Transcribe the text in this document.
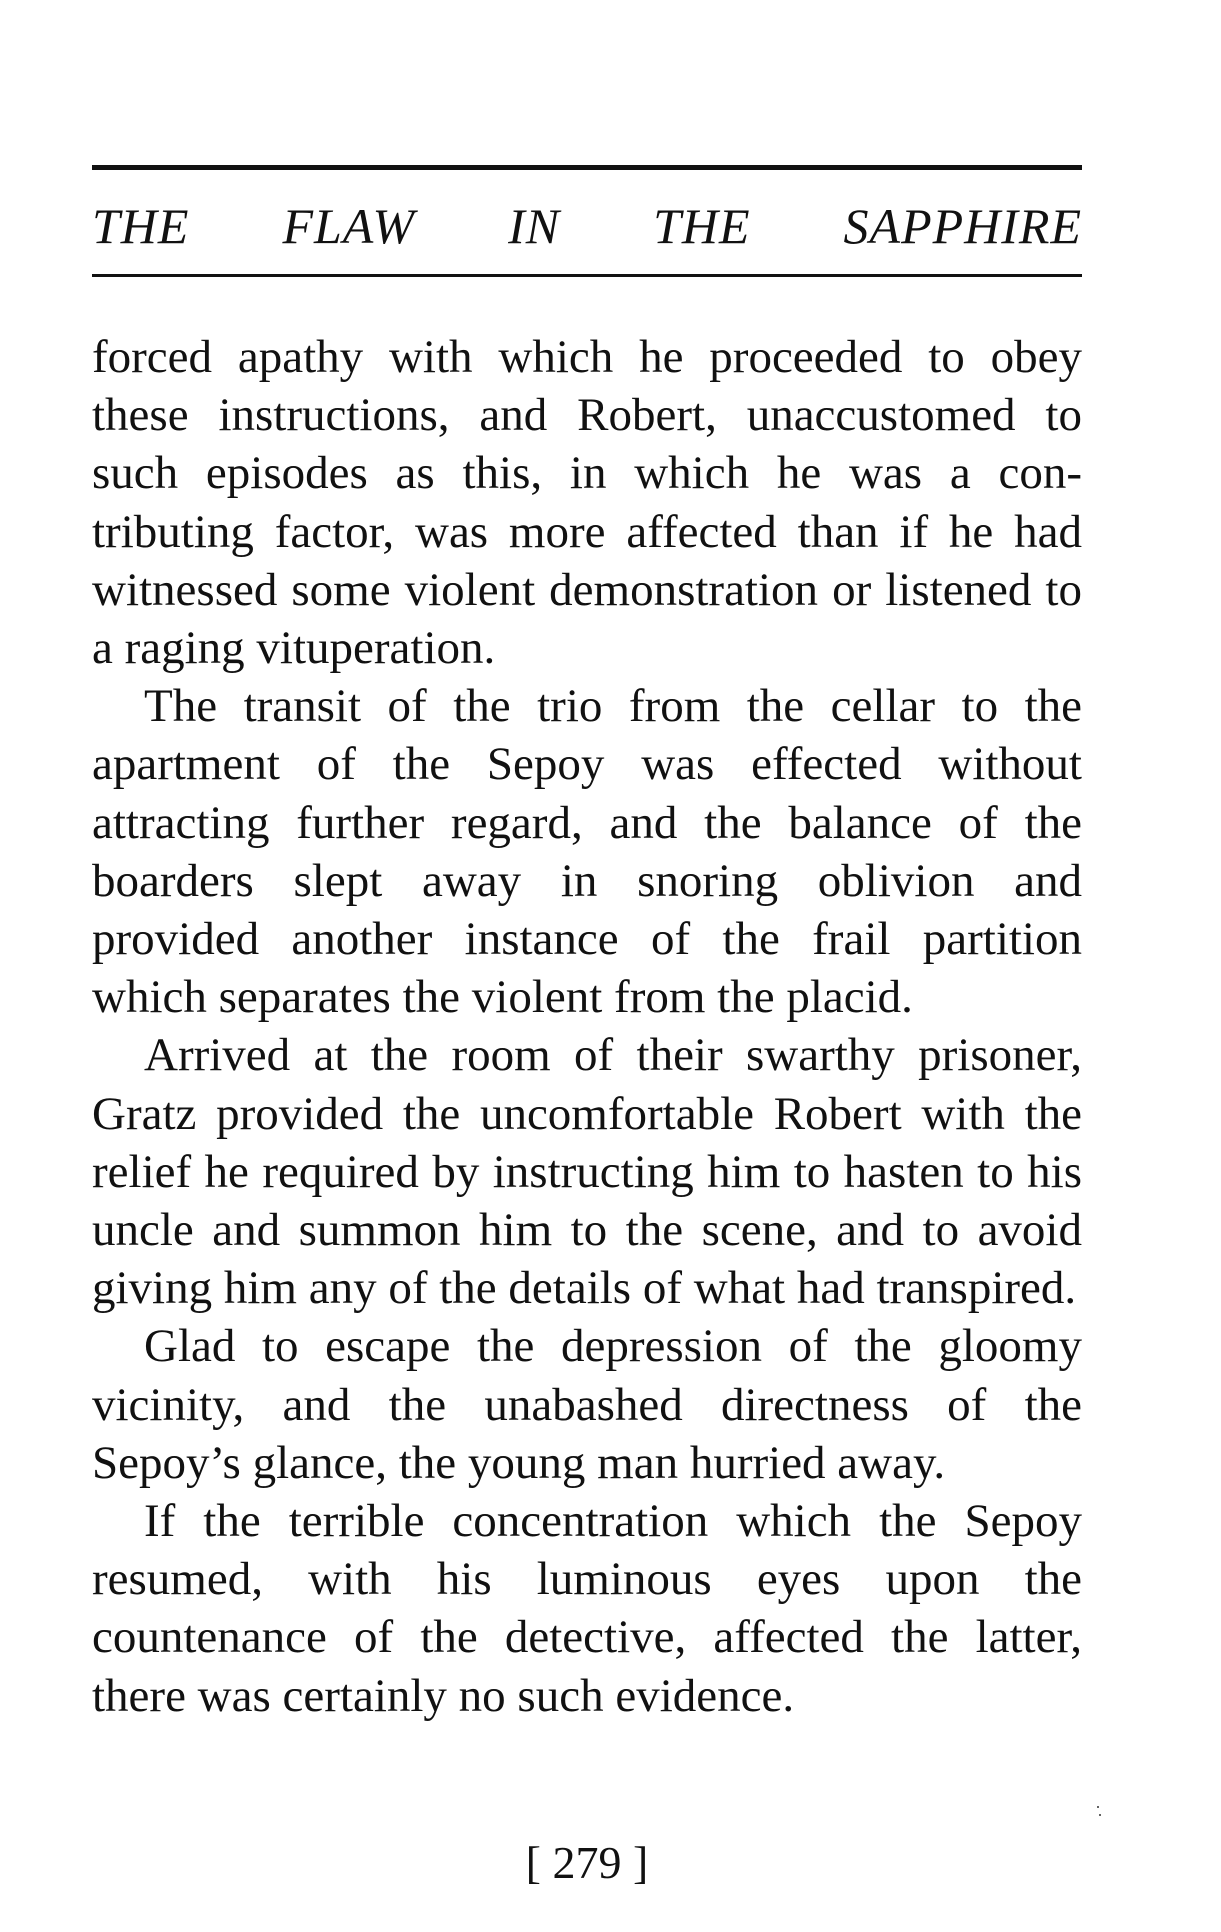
THE FLAW IN THE SAPPHIRE

forced apathy with which he proceeded to obey these instructions, and Robert, unaccustomed to such episodes as this, in which he was a contributing factor, was more affected than if he had witnessed some violent demonstration or listened to a raging vituperation.

The transit of the trio from the cellar to the apartment of the Sepoy was effected without attracting further regard, and the balance of the boarders slept away in snoring oblivion and provided another instance of the frail partition which separates the violent from the placid.

Arrived at the room of their swarthy prisoner, Gratz provided the uncomfortable Robert with the relief he required by instructing him to hasten to his uncle and summon him to the scene, and to avoid giving him any of the details of what had transpired.

Glad to escape the depression of the gloomy vicinity, and the unabashed directness of the Sepoy’s glance, the young man hurried away.

If the terrible concentration which the Sepoy resumed, with his luminous eyes upon the countenance of the detective, affected the latter, there was certainly no such evidence.

[ 279 ]
